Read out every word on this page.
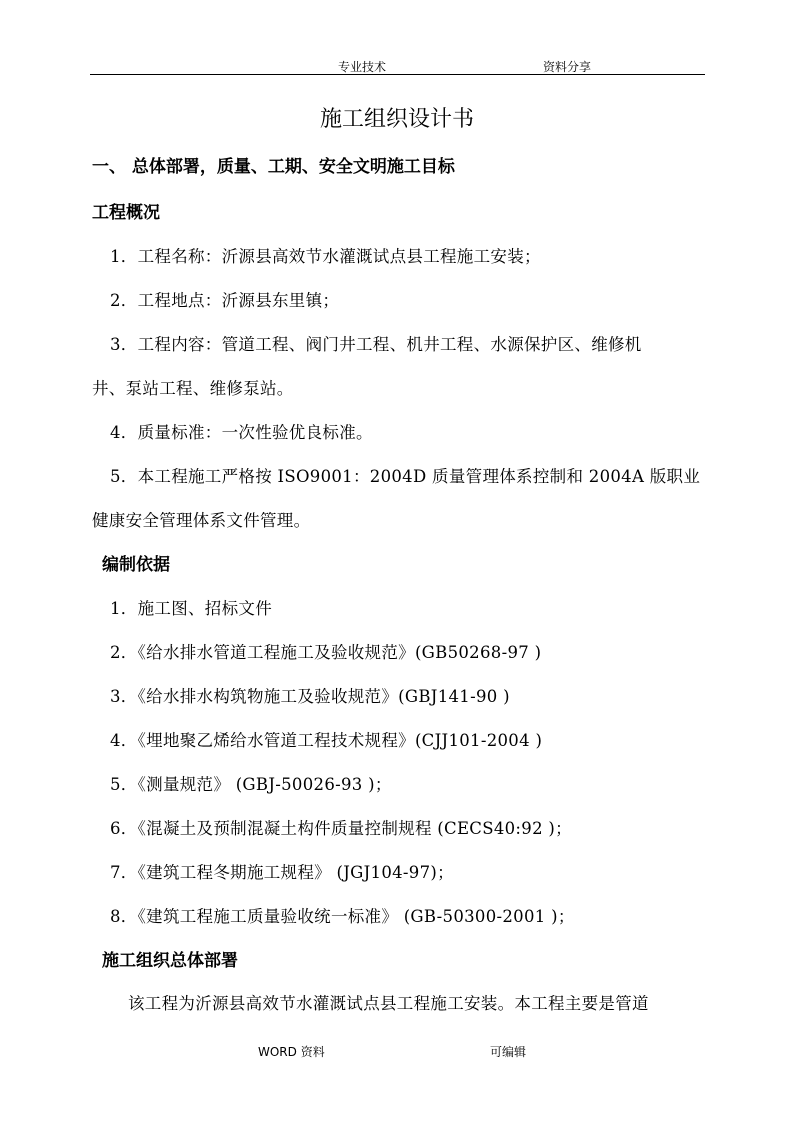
专业技术	资料分享
施工组织设计书
一、 总体部署，质量、工期、安全文明施工目标
工程概况
1．工程名称：沂源县高效节水灌溉试点县工程施工安装；
2．工程地点：沂源县东里镇；
3．工程内容：管道工程、阀门井工程、机井工程、水源保护区、维修机
井、泵站工程、维修泵站。
4．质量标准：一次性验优良标准。
5．本工程施工严格按 ISO9001：2004D 质量管理体系控制和 2004A 版职业
健康安全管理体系文件管理。
编制依据
1．施工图、招标文件
2．《给水排水管道工程施工及验收规范》(GB50268-97 )
3．《给水排水构筑物施工及验收规范》(GBJ141-90 )
4．《埋地聚乙烯给水管道工程技术规程》(CJJ101-2004 )
5．《测量规范》 (GBJ-50026-93 )；
6．《混凝土及预制混凝土构件质量控制规程 (CECS40:92 )；
7．《建筑工程冬期施工规程》 (JGJ104-97)；
8．《建筑工程施工质量验收统一标准》 (GB-50300-2001 )；
施工组织总体部署
该工程为沂源县高效节水灌溉试点县工程施工安装。本工程主要是管道
WORD 资料	可编辑
